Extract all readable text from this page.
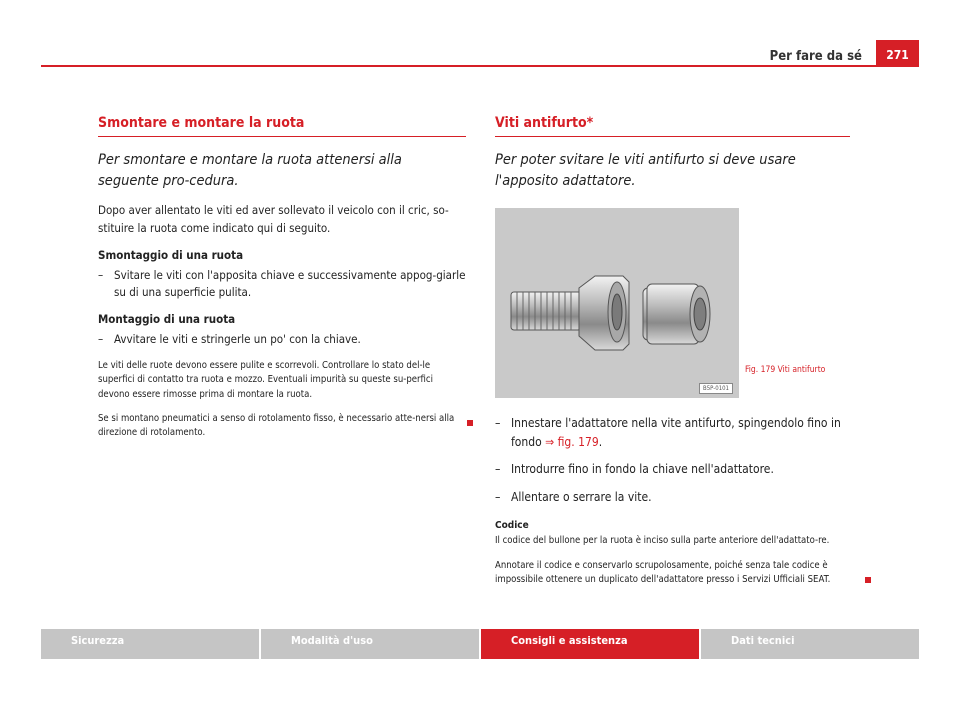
Per fare da sé	271
Smontare e montare la ruota

Per smontare e montare la ruota attenersi alla seguente pro-cedura.

Dopo aver allentato le viti ed aver sollevato il veicolo con il cric, so-stituire la ruota come indicato qui di seguito.

Smontaggio di una ruota

– Svitare le viti con l'apposita chiave e successivamente appog-giarle su di una superficie pulita.

Montaggio di una ruota

– Avvitare le viti e stringerle un po' con la chiave.

Le viti delle ruote devono essere pulite e scorrevoli. Controllare lo stato del-le superfici di contatto tra ruota e mozzo. Eventuali impurità su queste su-perfici devono essere rimosse prima di montare la ruota.

Se si montano pneumatici a senso di rotolamento fisso, è necessario atte-nersi alla direzione di rotolamento.

Viti antifurto*

Per poter svitare le viti antifurto si deve usare l'apposito adattatore.

B5P-0101
Fig. 179 Viti antifurto
– Innestare l'adattatore nella vite antifurto, spingendolo fino in fondo ⇒ fig. 179.
– Introdurre fino in fondo la chiave nell'adattatore.
– Allentare o serrare la vite.

Codice

Il codice del bullone per la ruota è inciso sulla parte anteriore dell'adattato-re.

Annotare il codice e conservarlo scrupolosamente, poiché senza tale codice è impossibile ottenere un duplicato dell'adattatore presso i Servizi Ufficiali SEAT.

Sicurezza	Modalità d'uso	Consigli e assistenza	Dati tecnici
